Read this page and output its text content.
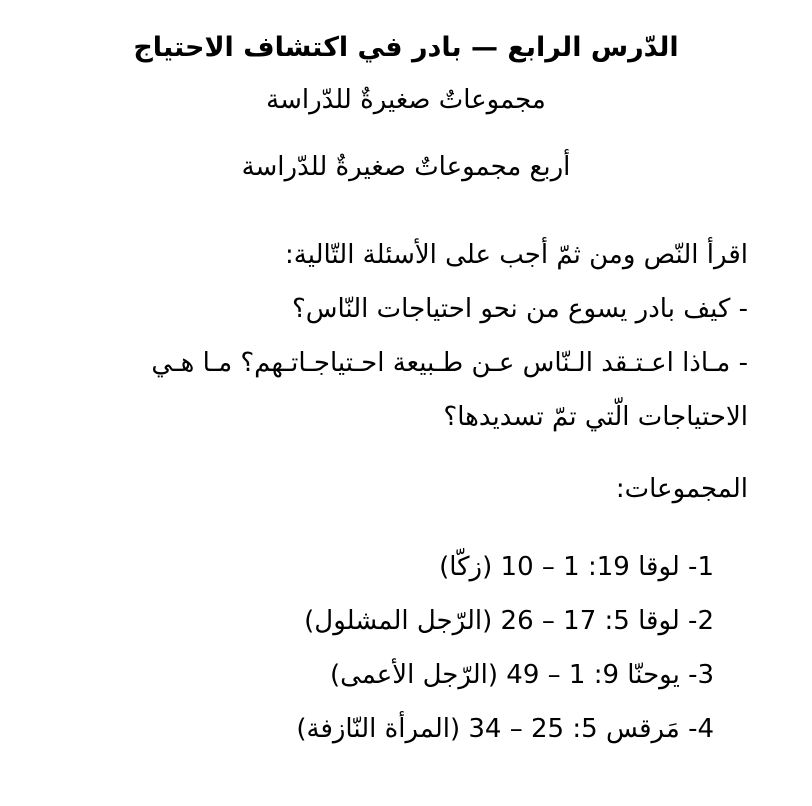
الدّرس الرابع — بادر في اكتشاف الاحتياج
مجموعاتٌ صغيرةٌ للدّراسة
أربع مجموعاتٌ صغيرةٌ للدّراسة
اقرأ النّص ومن ثمّ أجب على الأسئلة التّالية:
- كيف بادر يسوع من نحو احتياجات النّاس؟
- مـاذا اعـتـقد الـنّاس عـن طـبيعة احـتياجـاتـهم؟ مـا هـي
الاحتياجات الّتي تمّ تسديدها؟
المجموعات:
1- لوقا 19: 1 – 10 (زكّا)
2- لوقا 5: 17 – 26 (الرّجل المشلول)
3- يوحنّا 9: 1 – 49 (الرّجل الأعمى)
4- مَرقس 5: 25 – 34 (المرأة النّازفة)
